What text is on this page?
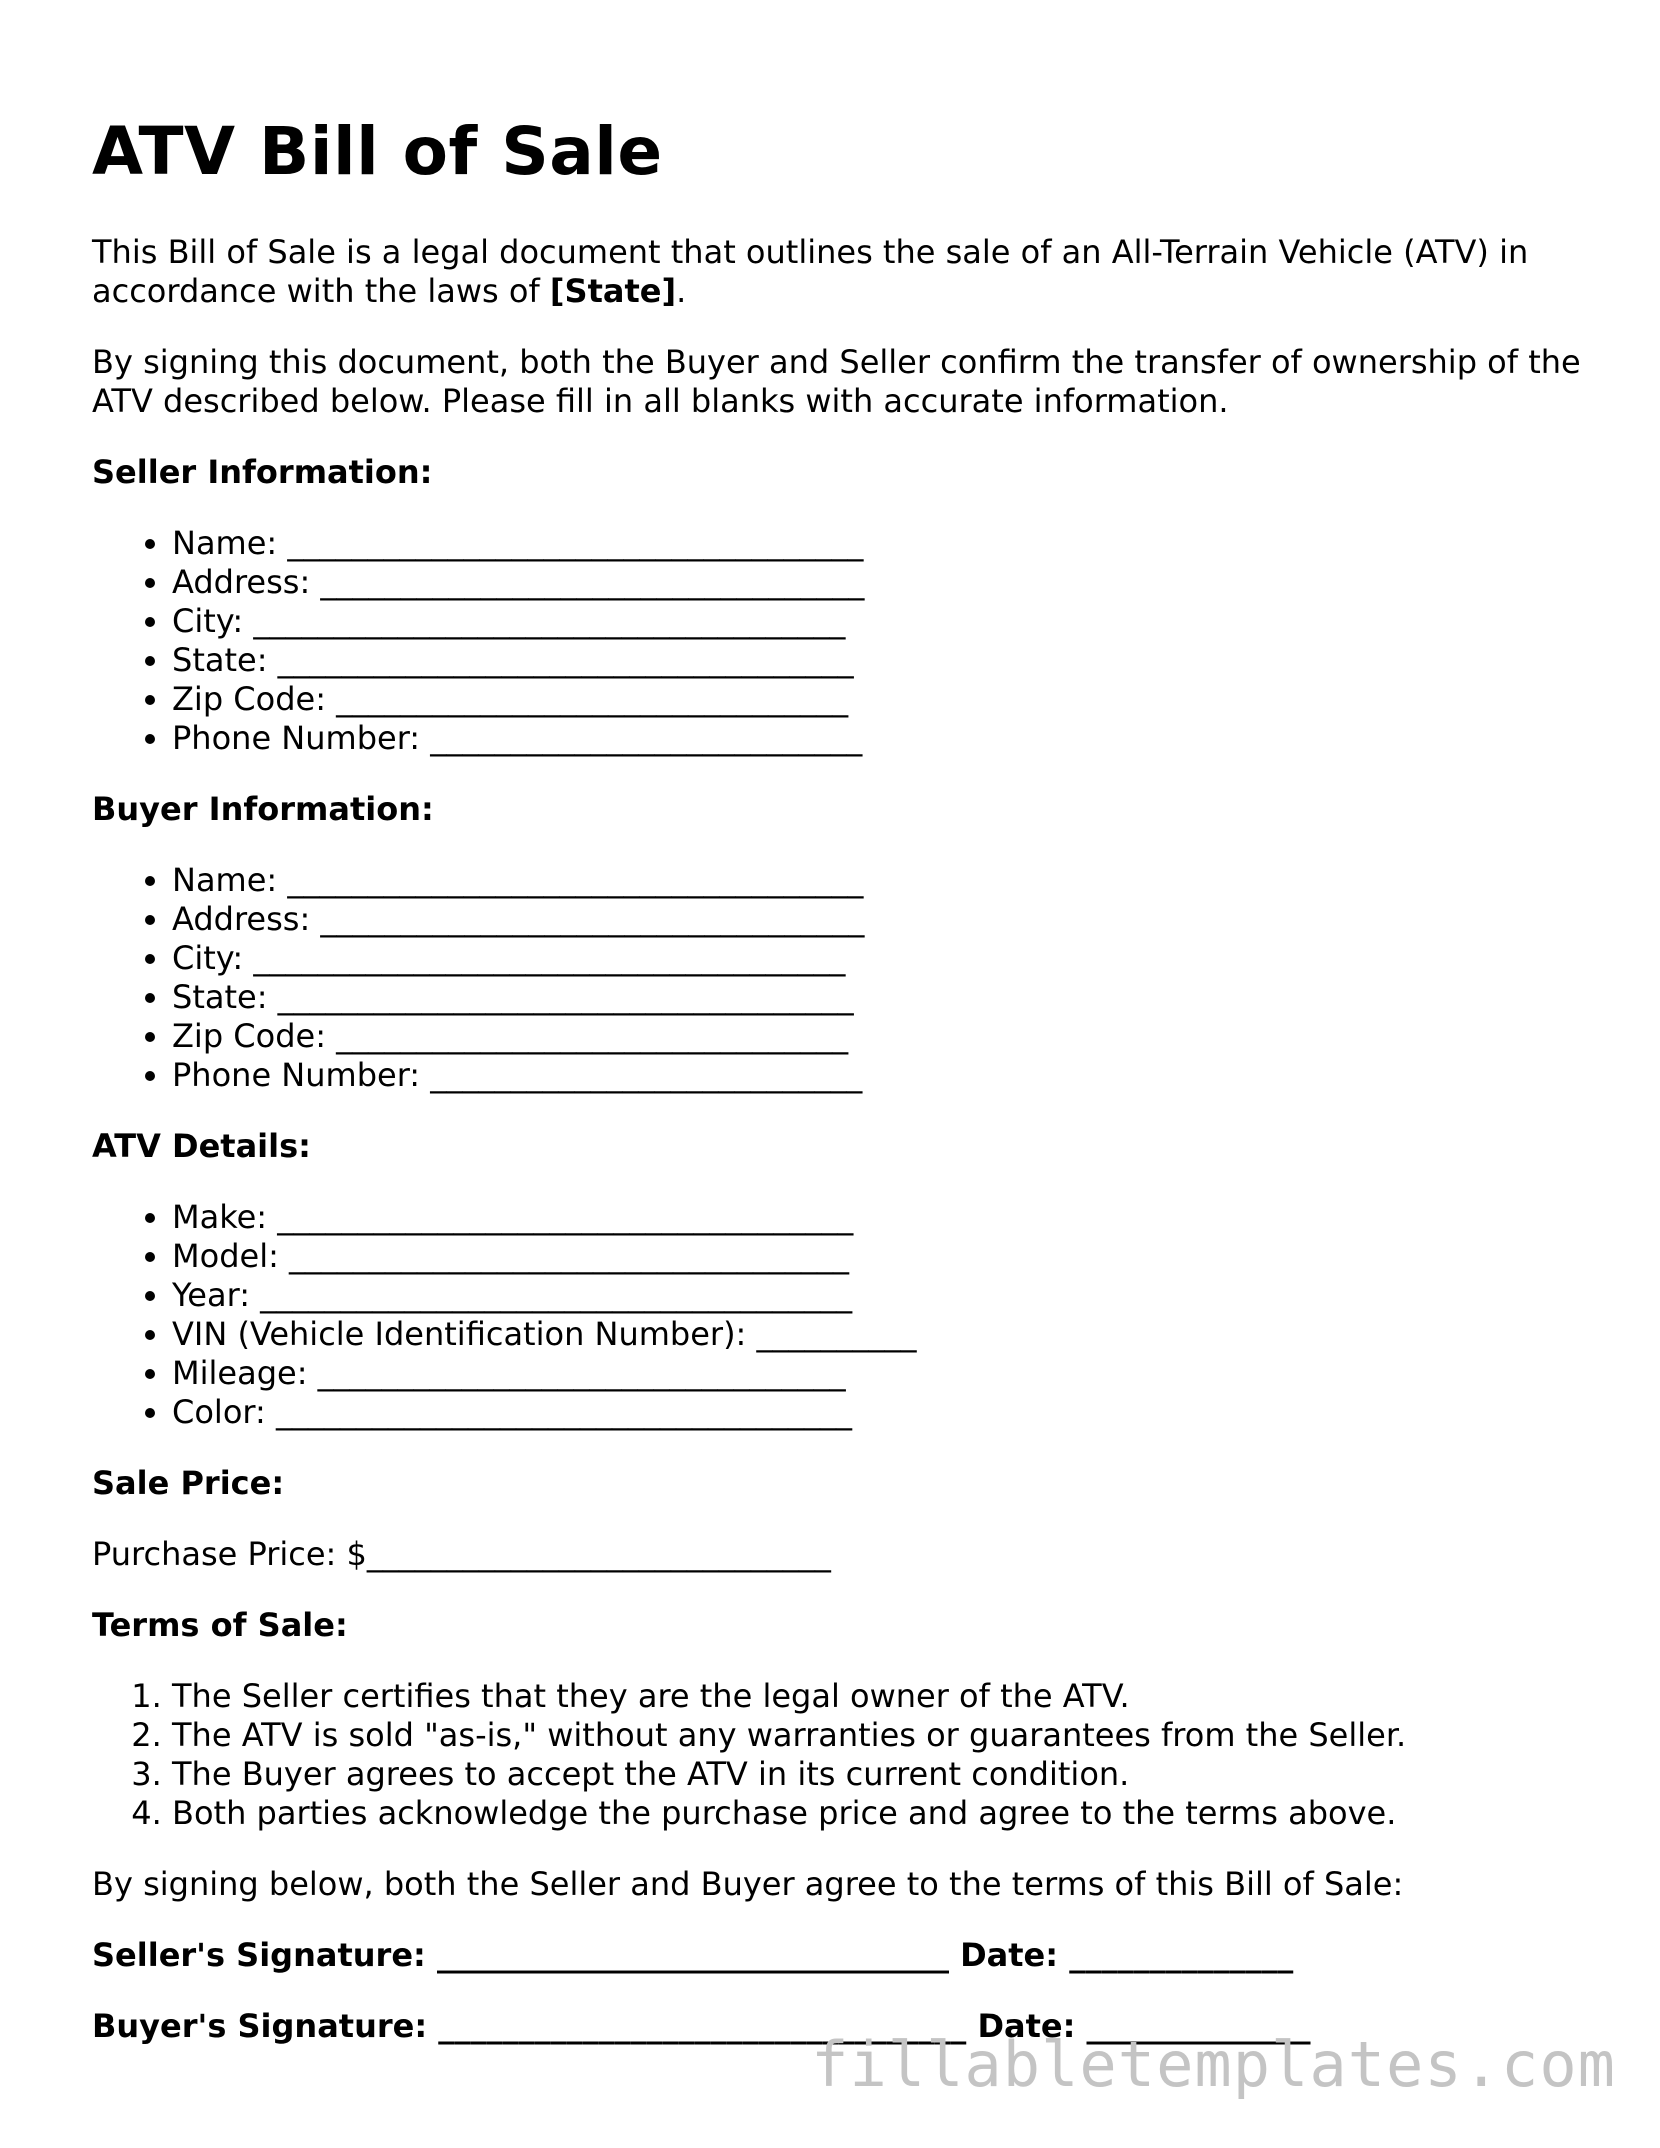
ATV Bill of Sale

This Bill of Sale is a legal document that outlines the sale of an All-Terrain Vehicle (ATV) in accordance with the laws of [State].

By signing this document, both the Buyer and Seller confirm the transfer of ownership of the ATV described below. Please fill in all blanks with accurate information.

Seller Information:
• Name: ____________________________________
• Address: __________________________________
• City: _____________________________________
• State: ____________________________________
• Zip Code: ________________________________
• Phone Number: ___________________________
Buyer Information:
• Name: ____________________________________
• Address: __________________________________
• City: _____________________________________
• State: ____________________________________
• Zip Code: ________________________________
• Phone Number: ___________________________
ATV Details:
• Make: ____________________________________
• Model: ___________________________________
• Year: _____________________________________
• VIN (Vehicle Identification Number): __________
• Mileage: _________________________________
• Color: ____________________________________
Sale Price:

Purchase Price: $_____________________________

Terms of Sale:
1. The Seller certifies that they are the legal owner of the ATV.
2. The ATV is sold "as-is," without any warranties or guarantees from the Seller.
3. The Buyer agrees to accept the ATV in its current condition.
4. Both parties acknowledge the purchase price and agree to the terms above.

By signing below, both the Seller and Buyer agree to the terms of this Bill of Sale:

Seller's Signature: ________________________________ Date: ______________

Buyer's Signature: _________________________________ Date: ______________

fillabletemplates.com
